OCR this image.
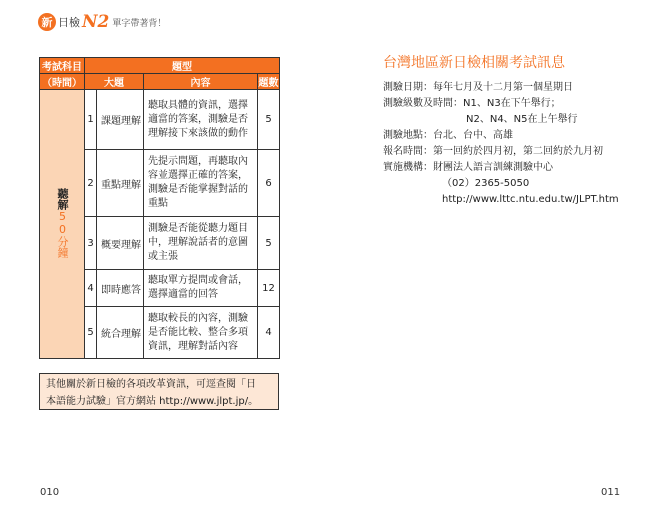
新 日檢 N2 單字帶著背！
考試科目	題型			
（時間）	大題		內容	題數
聽解50分鐘	1	課題理解	聽取具體的資訊，選擇適當的答案，測驗是否理解接下來該做的動作	5
	2	重點理解	先提示問題，再聽取內容並選擇正確的答案，測驗是否能掌握對話的重點	6
	3	概要理解	測驗是否能從聽力題目中，理解說話者的意圖或主張	5
	4	即時應答	聽取單方提問或會話，選擇適當的回答	12
	5	統合理解	聽取較長的內容，測驗是否能比較、整合多項資訊，理解對話內容	4
其他關於新日檢的各項改革資訊，可逕查閱「日
本語能力試驗」官方網站 http://www.jlpt.jp/。
台灣地區新日檢相關考試訊息
測驗日期：每年七月及十二月第一個星期日
測驗級數及時間：N1、N3在下午舉行；
N2、N4、N5在上午舉行
測驗地點：台北、台中、高雄
報名時間：第一回約於四月初，第二回約於九月初
實施機構：財團法人語言訓練測驗中心
（02）2365-5050
http://www.lttc.ntu.edu.tw/JLPT.htm
010	011
